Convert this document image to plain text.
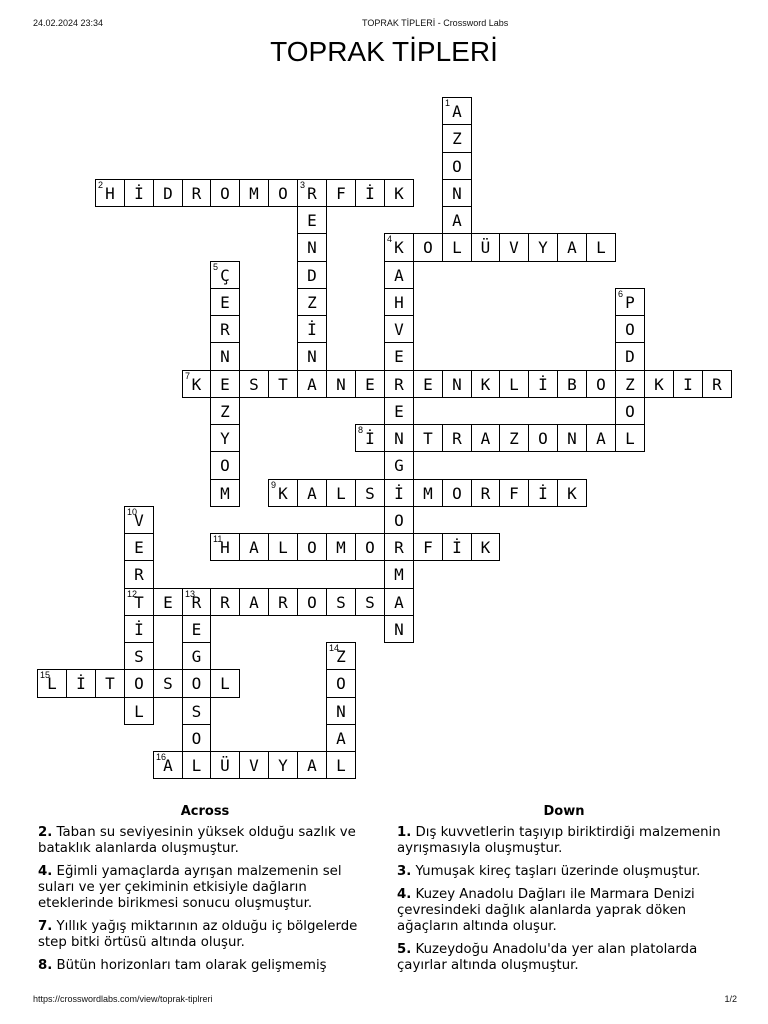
24.02.2024 23:34	TOPRAK TİPLERİ - Crossword Labs
TOPRAK TİPLERİ
A
1
Z
O
N
A
L
H
2 İ D R O M O R
3 F İ K
E
N
D
Z
İ
N
A
K
4 O	Ü V Y A L
A
H
V
E
R
E
N
G
İ
O
R
M
A
N
Ç
5
E
R
N
E
Z
Y
O
M
P
6
O
D
Z
O
L
K
7	S T	N E	E N K L İ B O	K I R
İ
8	T R A Z O N A
K
9 A L S	M O R F İ K
V
10
E
R
T
12
İ
S
O
L
H
11 A L O M O	F İ K
E R
13 R A R O S S
E
G
O
S
O
L
Z
14
O
N
A
L
L
15 İ T	S	L
A
16	Ü V Y A
Across
2. Taban su seviyesinin yüksek olduğu sazlık ve bataklık alanlarda oluşmuştur.
4. Eğimli yamaçlarda ayrışan malzemenin sel suları ve yer çekiminin etkisiyle dağların eteklerinde birikmesi sonucu oluşmuştur.
7. Yıllık yağış miktarının az olduğu iç bölgelerde step bitki örtüsü altında oluşur.
8. Bütün horizonları tam olarak gelişmemiş
Down
1. Dış kuvvetlerin taşıyıp biriktirdiği malzemenin ayrışmasıyla oluşmuştur.
3. Yumuşak kireç taşları üzerinde oluşmuştur.
4. Kuzey Anadolu Dağları ile Marmara Denizi çevresindeki dağlık alanlarda yaprak döken ağaçların altında oluşur.
5. Kuzeydoğu Anadolu'da yer alan platolarda çayırlar altında oluşmuştur.
https://crosswordlabs.com/view/toprak-tiplreri	1/2
